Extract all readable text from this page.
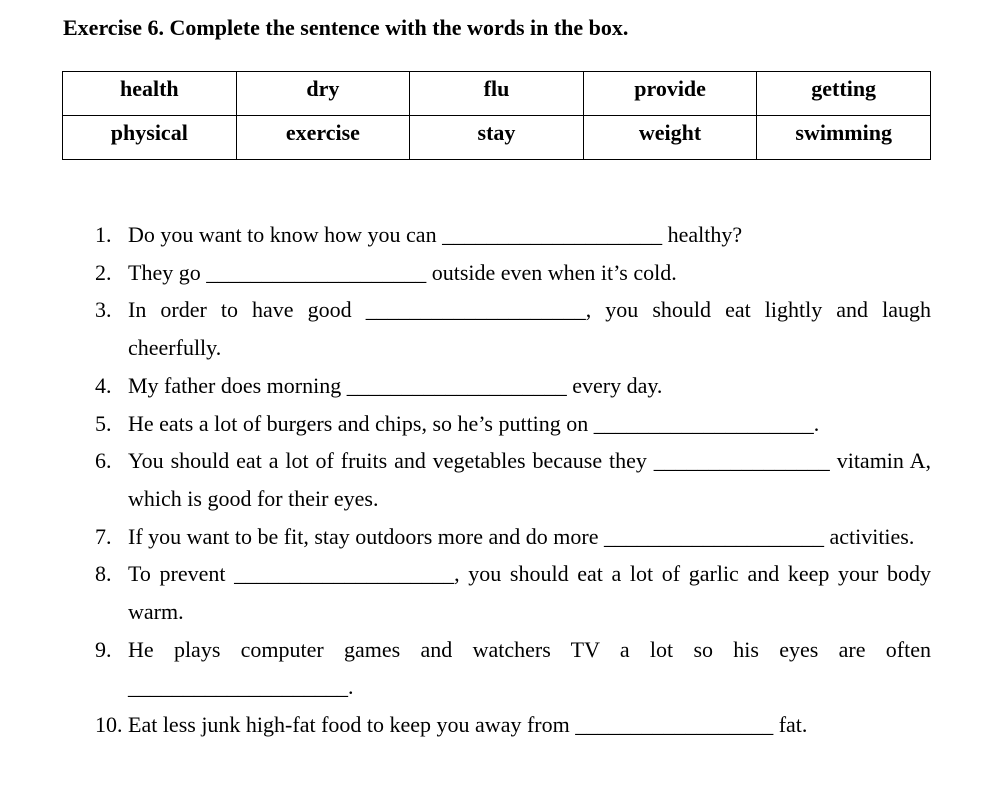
Exercise 6. Complete the sentence with the words in the box.
health	dry	flu	provide	getting
physical	exercise	stay	weight	swimming
1. Do you want to know how you can ____________________ healthy?
2. They go ____________________ outside even when it’s cold.
3. In order to have good ____________________, you should eat lightly and laugh cheerfully.
4. My father does morning ____________________ every day.
5. He eats a lot of burgers and chips, so he’s putting on ____________________.
6. You should eat a lot of fruits and vegetables because they ________________ vitamin A, which is good for their eyes.
7. If you want to be fit, stay outdoors more and do more ____________________ activities.
8. To prevent ____________________, you should eat a lot of garlic and keep your body warm.
9. He plays computer games and watchers TV a lot so his eyes are often ____________________.
10. Eat less junk high-fat food to keep you away from __________________ fat.
